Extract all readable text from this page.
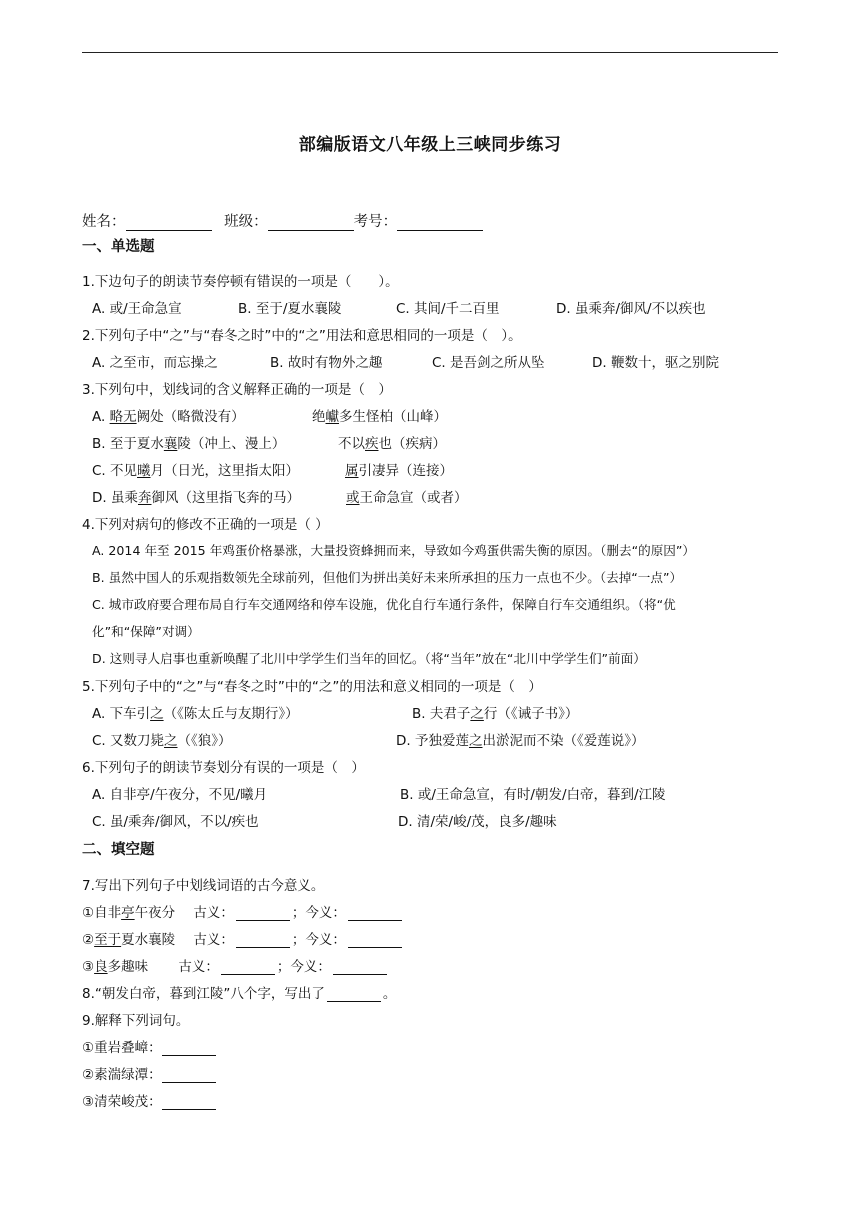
部编版语文八年级上三峡同步练习
姓名：	班级：	考号：
一、单选题
1.下边句子的朗读节奏停顿有错误的一项是（　　）。
A. 或/王命急宣	B. 至于/夏水襄陵	C. 其间/千二百里	D. 虽乘奔/御风/不以疾也
2.下列句子中“之”与“春冬之时”中的“之”用法和意思相同的一项是（　）。
A. 之至市，而忘操之	B. 故时有物外之趣	C. 是吾剑之所从坠	D. 鞭数十，驱之别院
3.下列句中，划线词的含义解释正确的一项是（　）
A. 略无阙处（略微没有）	绝巘多生怪柏（山峰）
B. 至于夏水襄陵（冲上、漫上）	不以疾也（疾病）
C. 不见曦月（日光，这里指太阳）	属引凄异（连接）
D. 虽乘奔御风（这里指飞奔的马）	或王命急宣（或者）
4.下列对病句的修改不正确的一项是（ ）
A. 2014 年至 2015 年鸡蛋价格暴涨，大量投资蜂拥而来，导致如今鸡蛋供需失衡的原因。（删去“的原因”）
B. 虽然中国人的乐观指数领先全球前列，但他们为拼出美好未来所承担的压力一点也不少。（去掉“一点”）
C. 城市政府要合理布局自行车交通网络和停车设施，优化自行车通行条件，保障自行车交通组织。（将“优
化”和“保障”对调）
D. 这则寻人启事也重新唤醒了北川中学学生们当年的回忆。（将“当年”放在“北川中学学生们”前面）
5.下列句子中的“之”与“春冬之时”中的“之”的用法和意义相同的一项是（　）
A. 下车引之（《陈太丘与友期行》）	B. 夫君子之行（《诫子书》）
C. 又数刀毙之（《狼》）	D. 予独爱莲之出淤泥而不染（《爱莲说》）
6.下列句子的朗读节奏划分有误的一项是（　）
A. 自非亭/午夜分，不见/曦月	B. 或/王命急宣，有时/朝发/白帝，暮到/江陵
C. 虽/乘奔/御风，不以/疾也	D. 清/荣/峻/茂，良多/趣味
二、填空题
7.写出下列句子中划线词语的古今意义。
①自非亭午夜分 古义：	；今义：
②至于夏水襄陵 古义：	；今义：
③良多趣味 古义：	；今义：
8.“朝发白帝，暮到江陵”八个字，写出了	。
9.解释下列词句。
①重岩叠嶂：
②素湍绿潭：
③清荣峻茂：
